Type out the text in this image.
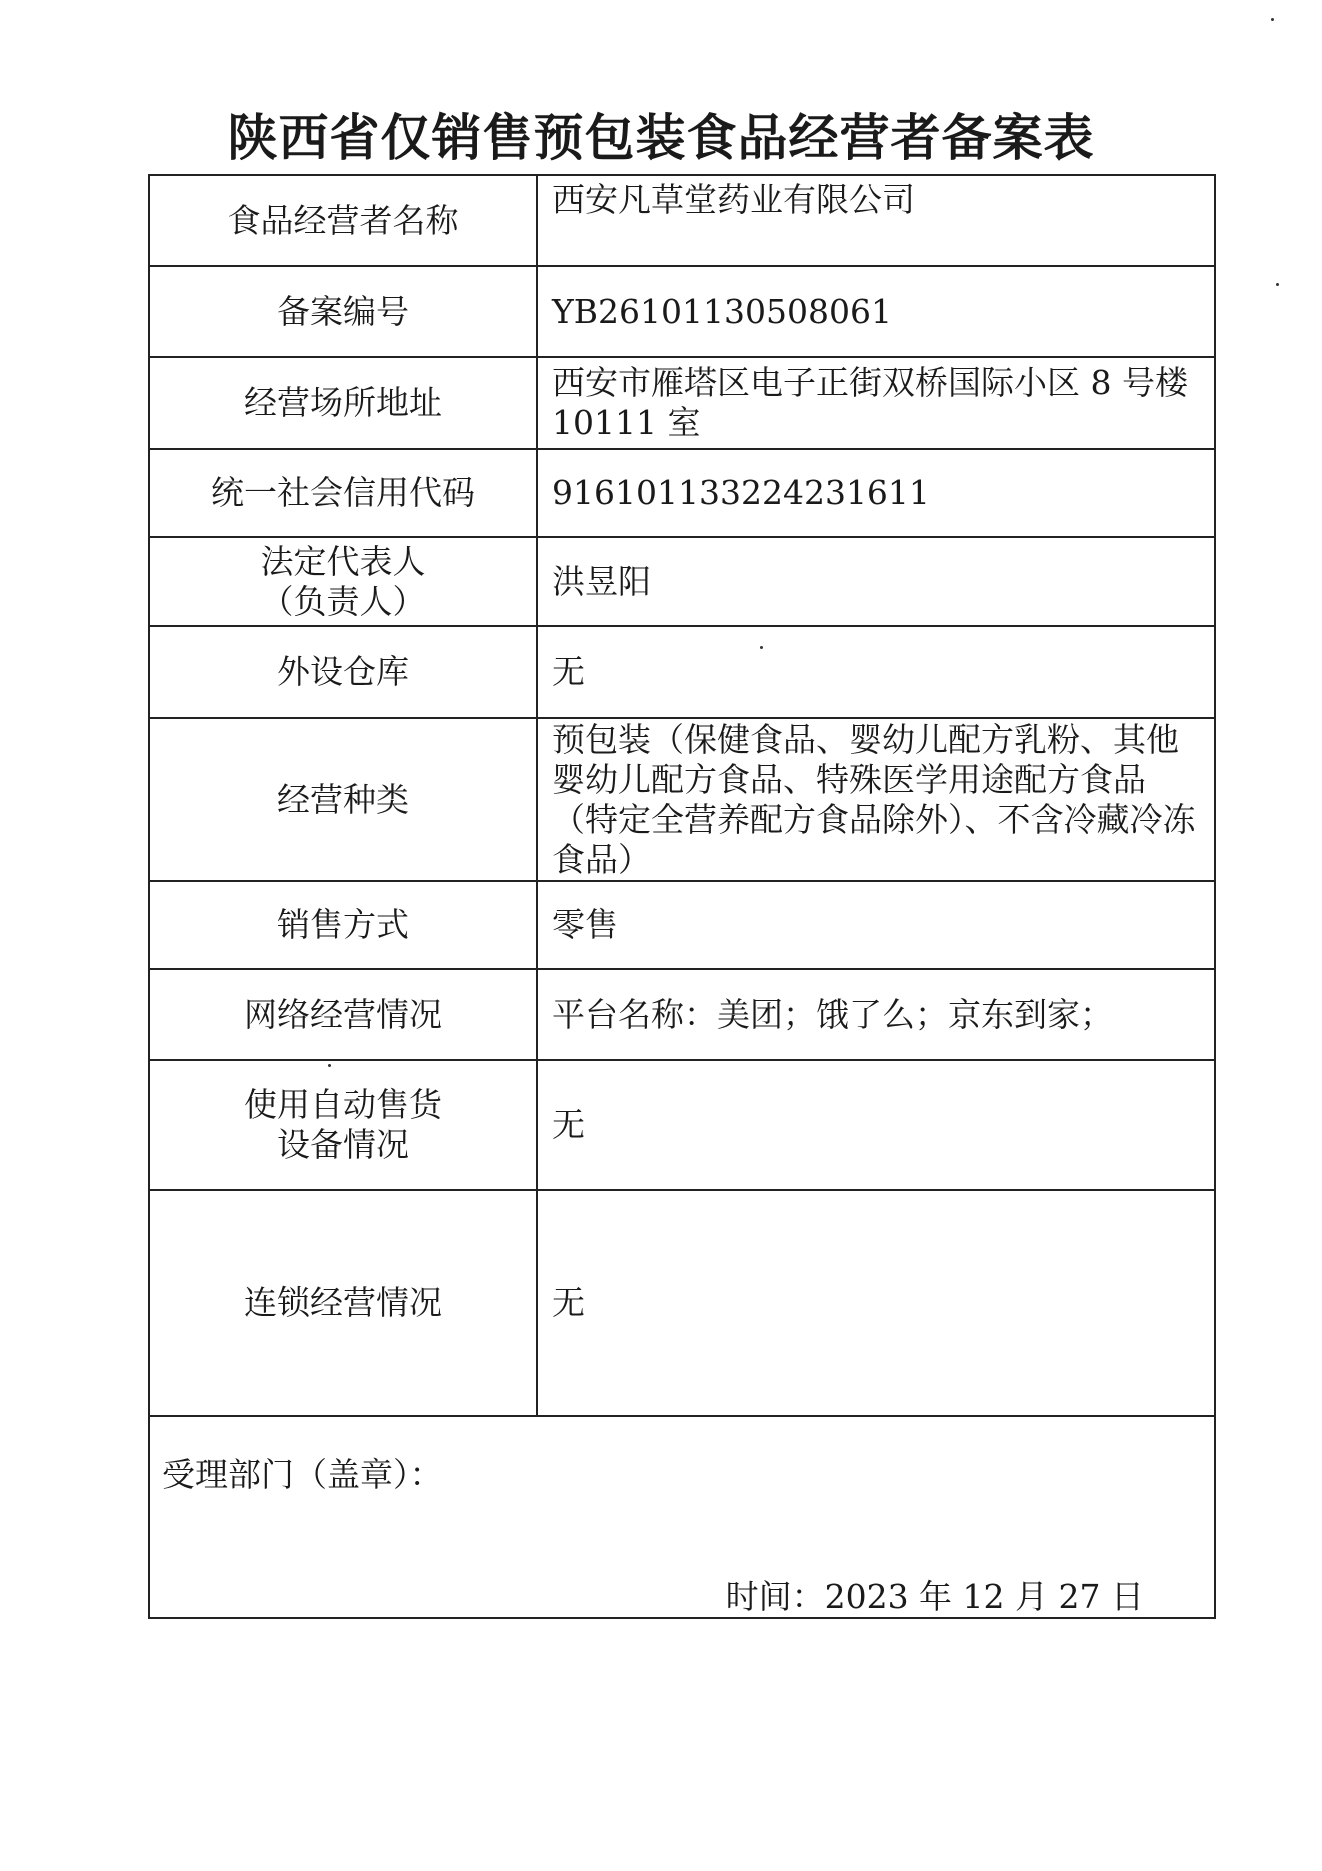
陕西省仅销售预包装食品经营者备案表
食品经营者名称	西安凡草堂药业有限公司

备案编号	YB26101130508061

经营场所地址	西安市雁塔区电子正街双桥国际小区 8 号楼 10111 室

统一社会信用代码	916101133224231611

法定代表人
（负责人）	洪昱阳

外设仓库	无

经营种类	预包装（保健食品、婴幼儿配方乳粉、其他婴幼儿配方食品、特殊医学用途配方食品（特定全营养配方食品除外）、不含冷藏冷冻食品）

销售方式	零售

网络经营情况	平台名称：美团；饿了么；京东到家；

使用自动售货
设备情况	无

连锁经营情况	无

受理部门（盖章）：
时间：2023 年 12 月 27 日	
